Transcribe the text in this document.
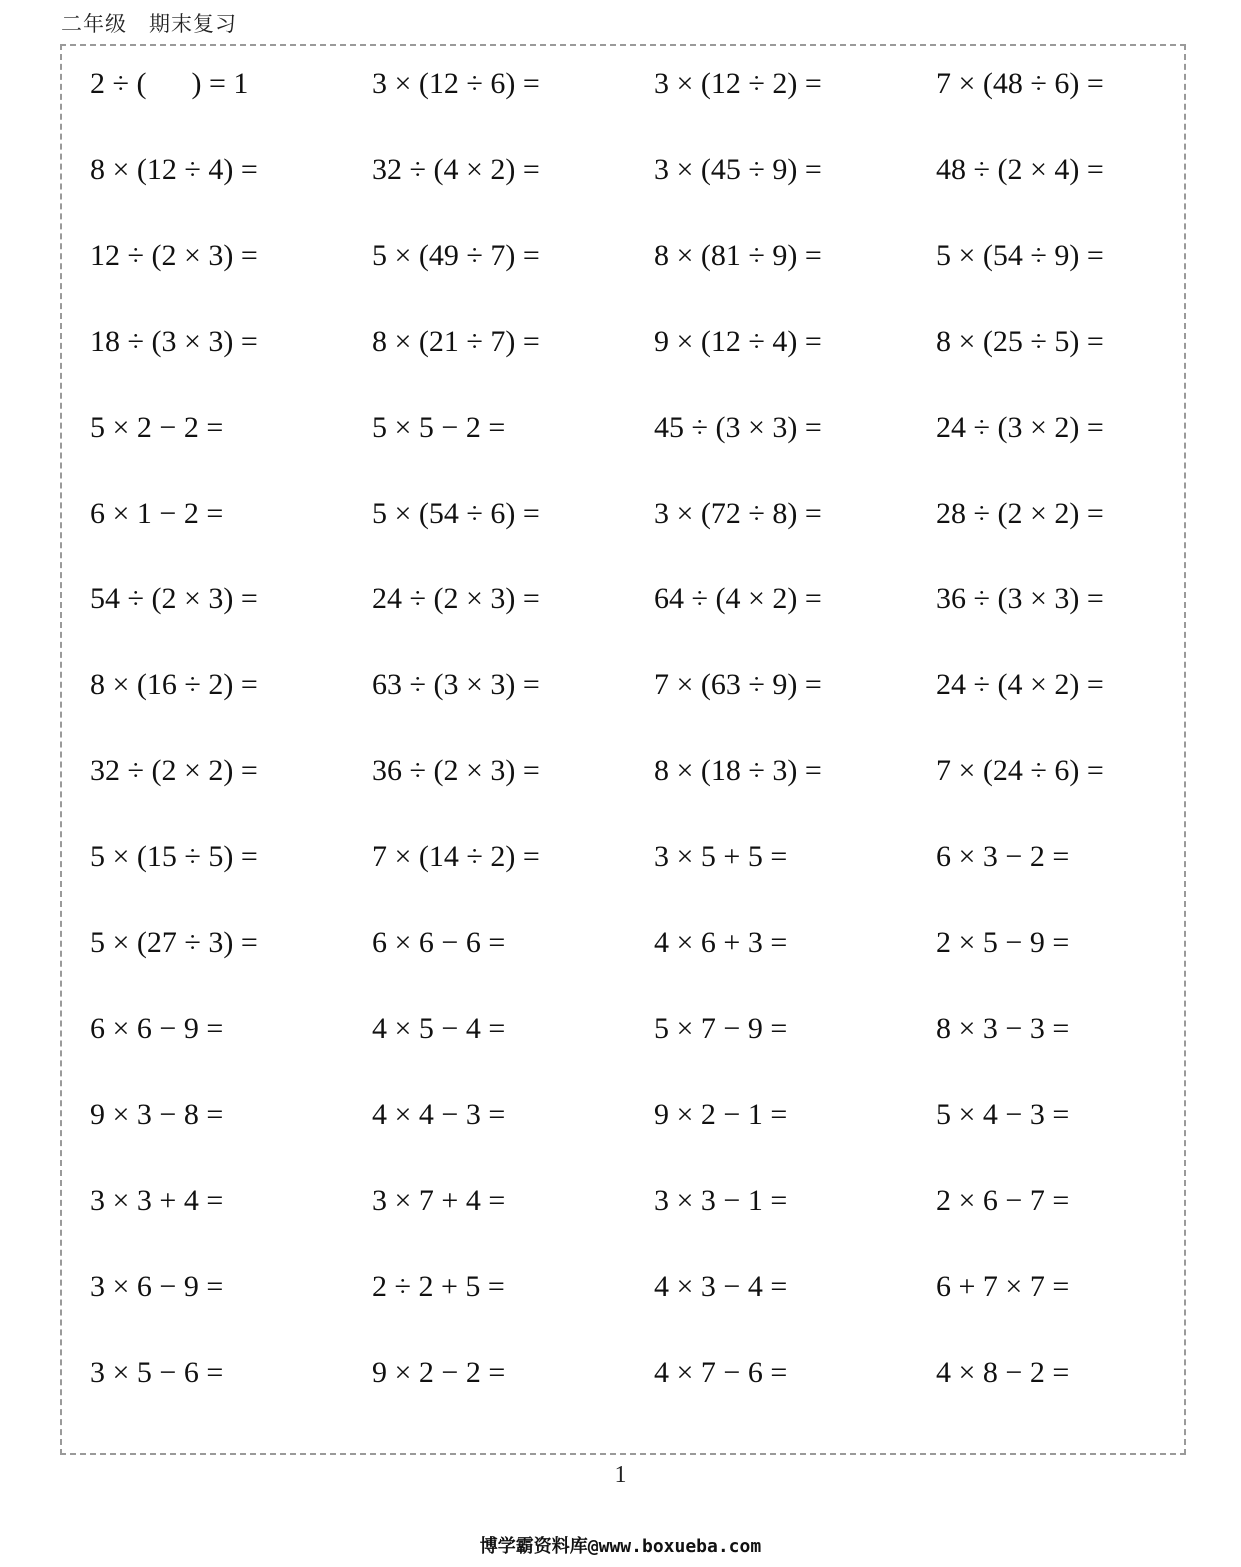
二年级 期末复习
2 ÷ (      ) = 1	3 × (12 ÷ 6) =	3 × (12 ÷ 2) =	7 × (48 ÷ 6) =
8 × (12 ÷ 4) =	32 ÷ (4 × 2) =	3 × (45 ÷ 9) =	48 ÷ (2 × 4) =
12 ÷ (2 × 3) =	5 × (49 ÷ 7) =	8 × (81 ÷ 9) =	5 × (54 ÷ 9) =
18 ÷ (3 × 3) =	8 × (21 ÷ 7) =	9 × (12 ÷ 4) =	8 × (25 ÷ 5) =
5 × 2 − 2 =	5 × 5 − 2 =	45 ÷ (3 × 3) =	24 ÷ (3 × 2) =
6 × 1 − 2 =	5 × (54 ÷ 6) =	3 × (72 ÷ 8) =	28 ÷ (2 × 2) =
54 ÷ (2 × 3) =	24 ÷ (2 × 3) =	64 ÷ (4 × 2) =	36 ÷ (3 × 3) =
8 × (16 ÷ 2) =	63 ÷ (3 × 3) =	7 × (63 ÷ 9) =	24 ÷ (4 × 2) =
32 ÷ (2 × 2) =	36 ÷ (2 × 3) =	8 × (18 ÷ 3) =	7 × (24 ÷ 6) =
5 × (15 ÷ 5) =	7 × (14 ÷ 2) =	3 × 5 + 5 =	6 × 3 − 2 =
5 × (27 ÷ 3) =	6 × 6 − 6 =	4 × 6 + 3 =	2 × 5 − 9 =
6 × 6 − 9 =	4 × 5 − 4 =	5 × 7 − 9 =	8 × 3 − 3 =
9 × 3 − 8 =	4 × 4 − 3 =	9 × 2 − 1 =	5 × 4 − 3 =
3 × 3 + 4 =	3 × 7 + 4 =	3 × 3 − 1 =	2 × 6 − 7 =
3 × 6 − 9 =	2 ÷ 2 + 5 =	4 × 3 − 4 =	6 + 7 × 7 =
3 × 5 − 6 =	9 × 2 − 2 =	4 × 7 − 6 =	4 × 8 − 2 =
1
博学霸资料库@www.boxueba.com
